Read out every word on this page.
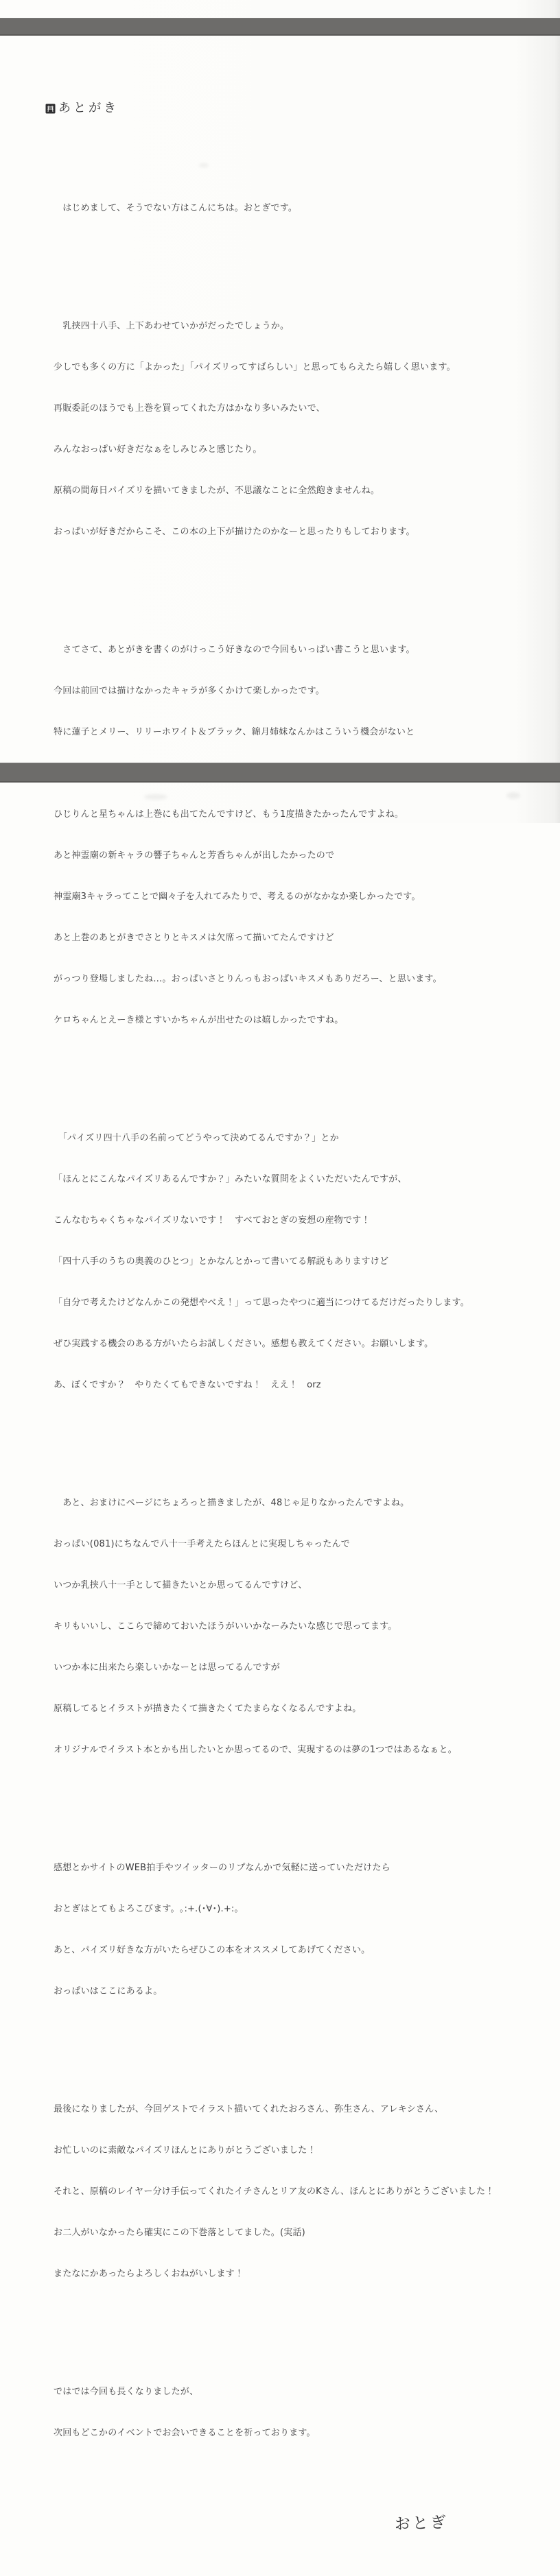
あとがき

　はじめまして、そうでない方はこんにちは。おとぎです。

　乳挟四十八手、上下あわせていかがだったでしょうか。

少しでも多くの方に「よかった」「パイズリってすばらしい」と思ってもらえたら嬉しく思います。

再販委託のほうでも上巻を買ってくれた方はかなり多いみたいで、

みんなおっぱい好きだなぁをしみじみと感じたり。

原稿の間毎日パイズリを描いてきましたが、不思議なことに全然飽きませんね。

おっぱいが好きだからこそ、この本の上下が描けたのかなーと思ったりもしております。

　さてさて、あとがきを書くのがけっこう好きなので今回もいっぱい書こうと思います。

今回は前回では描けなかったキャラが多くかけて楽しかったです。

特に蓮子とメリー、リリーホワイト＆ブラック、綿月姉妹なんかはこういう機会がないと

ひじりんと星ちゃんは上巻にも出てたんですけど、もう1度描きたかったんですよね。

あと神霊廟の新キャラの響子ちゃんと芳香ちゃんが出したかったので

神霊廟3キャラってことで幽々子を入れてみたりで、考えるのがなかなか楽しかったです。

あと上巻のあとがきでさとりとキスメは欠席って描いてたんですけど

がっつり登場しましたね…。おっぱいさとりんっもおっぱいキスメもありだろー、と思います。

ケロちゃんとえーき様とすいかちゃんが出せたのは嬉しかったですね。

　「パイズリ四十八手の名前ってどうやって決めてるんですか？」とか

「ほんとにこんなパイズリあるんですか？」みたいな質問をよくいただいたんですが、

こんなむちゃくちゃなパイズリないです！　すべておとぎの妄想の産物です！

「四十八手のうちの奥義のひとつ」とかなんとかって書いてる解説もありますけど

「自分で考えたけどなんかこの発想やべえ！」って思ったやつに適当につけてるだけだったりします。

ぜひ実践する機会のある方がいたらお試しください。感想も教えてください。お願いします。

あ、ぼくですか？　やりたくてもできないですね！　ええ！　orz

　あと、おまけにページにちょろっと描きましたが、48じゃ足りなかったんですよね。

おっぱい(081)にちなんで八十一手考えたらほんとに実現しちゃったんで

いつか乳挟八十一手として描きたいとか思ってるんですけど、

キリもいいし、ここらで締めておいたほうがいいかなーみたいな感じで思ってます。

いつか本に出来たら楽しいかなーとは思ってるんですが

原稿してるとイラストが描きたくて描きたくてたまらなくなるんですよね。

オリジナルでイラスト本とかも出したいとか思ってるので、実現するのは夢の1つではあるなぁと。

感想とかサイトのWEB拍手やツイッターのリプなんかで気軽に送っていただけたら

おとぎはとてもよろこびます。｡:+.(･∀･).+:｡

あと、パイズリ好きな方がいたらぜひこの本をオススメしてあげてください。

おっぱいはここにあるよ。

最後になりましたが、今回ゲストでイラスト描いてくれたおろさん、弥生さん、アレキシさん、

お忙しいのに素敵なパイズリほんとにありがとうございました！

それと、原稿のレイヤー分け手伝ってくれたイチさんとリア友のKさん、ほんとにありがとうございました！

お二人がいなかったら確実にこの下巻落としてました。(実話)

またなにかあったらよろしくおねがいします！

ではでは今回も長くなりましたが、

次回もどこかのイベントでお会いできることを祈っております。

おとぎ
